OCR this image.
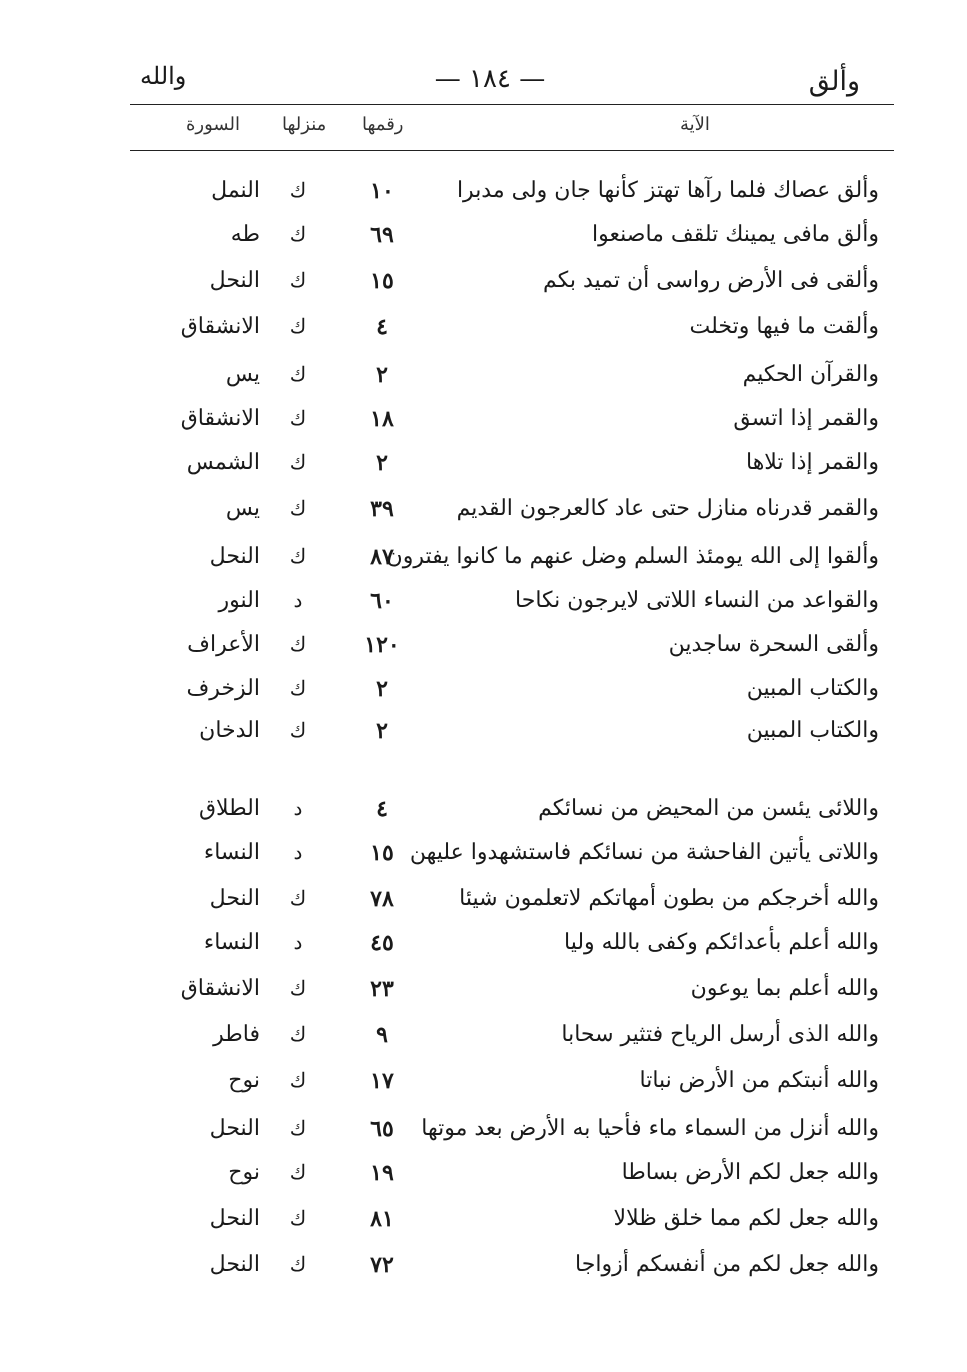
وألق
— ١٨٤ —
والله
الآية
رقمها
منزلها
السورة
وألق عصاك فلما رآها تهتز كأنها جان ولى مدبرا
١٠
ك
النمل
وألق مافى يمينك تلقف ماصنعوا
٦٩
ك
طه
وألقى فى الأرض رواسى أن تميد بكم
١٥
ك
النحل
وألقت ما فيها وتخلت
٤
ك
الانشقاق
والقرآن الحكيم
٢
ك
يس
والقمر إذا اتسق
١٨
ك
الانشقاق
والقمر إذا تلاها
٢
ك
الشمس
والقمر قدرناه منازل حتى عاد كالعرجون القديم
٣٩
ك
يس
وألقوا إلى الله يومئذ السلم وضل عنهم ما كانوا يفترون
٨٧
ك
النحل
والقواعد من النساء اللاتى لايرجون نكاحا
٦٠
د
النور
وألقى السحرة ساجدين
١٢٠
ك
الأعراف
والكتاب المبين
٢
ك
الزخرف
والكتاب المبين
٢
ك
الدخان
واللائى يئسن من المحيض من نسائكم
٤
د
الطلاق
واللاتى يأتين الفاحشة من نسائكم فاستشهدوا عليهن
١٥
د
النساء
والله أخرجكم من بطون أمهاتكم لاتعلمون شيئا
٧٨
ك
النحل
والله أعلم بأعدائكم وكفى بالله وليا
٤٥
د
النساء
والله أعلم بما يوعون
٢٣
ك
الانشقاق
والله الذى أرسل الرياح فتثير سحابا
٩
ك
فاطر
والله أنبتكم من الأرض نباتا
١٧
ك
نوح
والله أنزل من السماء ماء فأحيا به الأرض بعد موتها
٦٥
ك
النحل
والله جعل لكم الأرض بساطا
١٩
ك
نوح
والله جعل لكم مما خلق ظلالا
٨١
ك
النحل
والله جعل لكم من أنفسكم أزواجا
٧٢
ك
النحل
